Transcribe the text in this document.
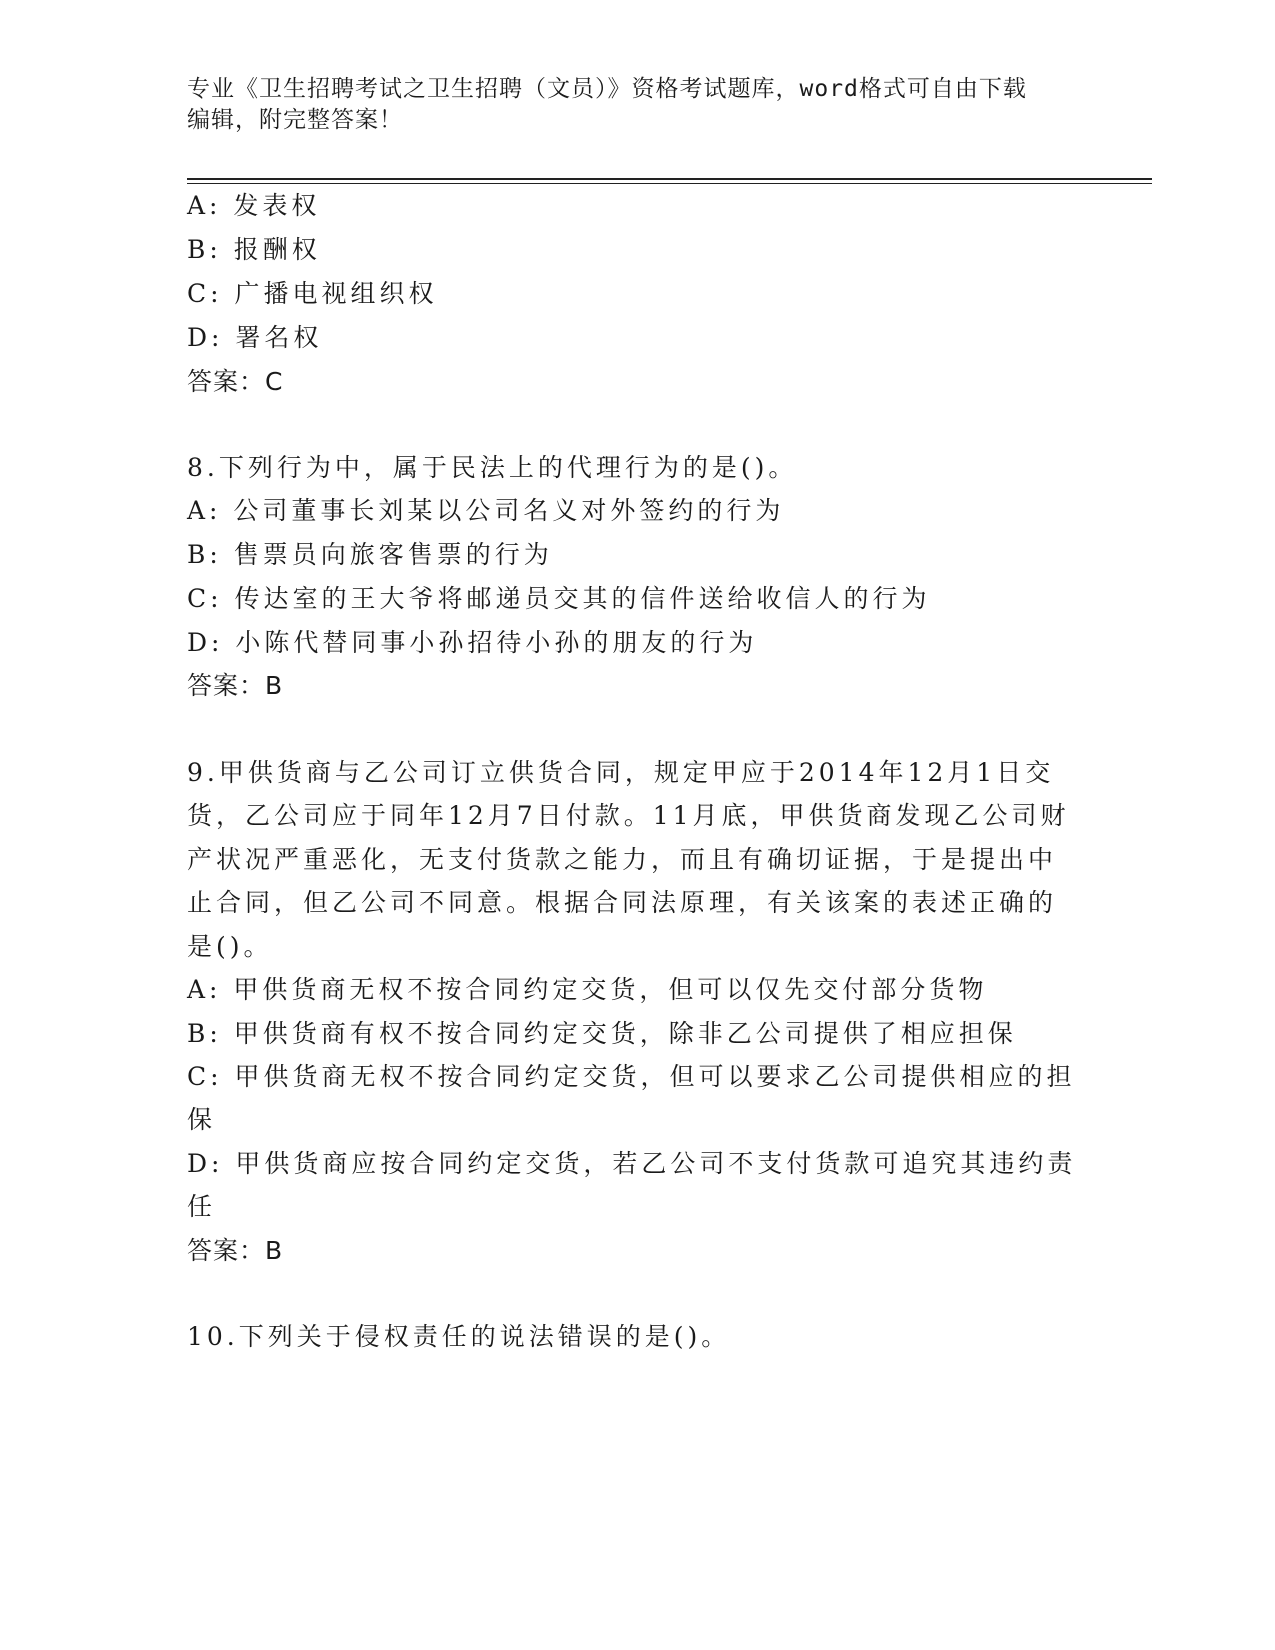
专业《卫生招聘考试之卫生招聘（文员）》资格考试题库，word格式可自由下载
编辑，附完整答案！
A: 发表权
B: 报酬权
C: 广播电视组织权
D: 署名权
答案：C
8.下列行为中，属于民法上的代理行为的是()。
A: 公司董事长刘某以公司名义对外签约的行为
B: 售票员向旅客售票的行为
C: 传达室的王大爷将邮递员交其的信件送给收信人的行为
D: 小陈代替同事小孙招待小孙的朋友的行为
答案：B
9.甲供货商与乙公司订立供货合同，规定甲应于2014年12月1日交
货，乙公司应于同年12月7日付款。11月底，甲供货商发现乙公司财
产状况严重恶化，无支付货款之能力，而且有确切证据，于是提出中
止合同，但乙公司不同意。根据合同法原理，有关该案的表述正确的
是()。
A: 甲供货商无权不按合同约定交货，但可以仅先交付部分货物
B: 甲供货商有权不按合同约定交货，除非乙公司提供了相应担保
C: 甲供货商无权不按合同约定交货，但可以要求乙公司提供相应的担
保
D: 甲供货商应按合同约定交货，若乙公司不支付货款可追究其违约责
任
答案：B
10.下列关于侵权责任的说法错误的是()。
